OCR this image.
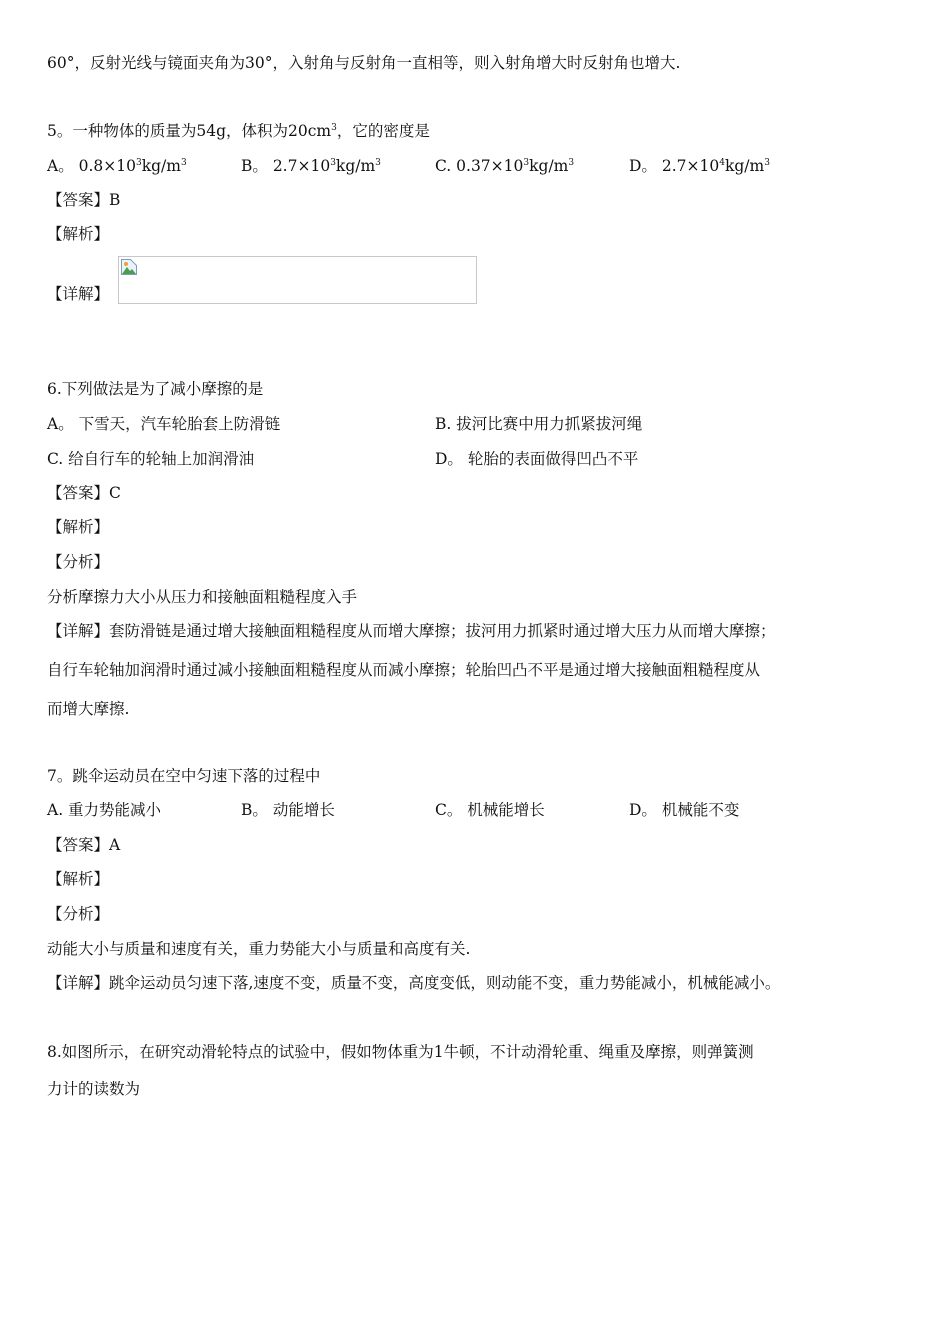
60°，反射光线与镜面夹角为30°，入射角与反射角一直相等，则入射角增大时反射角也增大.
5。一种物体的质量为54g，体积为$20cm^3$，它的密度是
A。 $0.8\times 10^3kg/m^3$	B。 $2.7\times 10^3kg/m^3$	C. $0.37\times 10^3kg/m^3$	D。 $2.7\times 10^4kg/m^3$
【答案】B
【解析】
【详解】
6.下列做法是为了减小摩擦的是
A。 下雪天，汽车轮胎套上防滑链	B. 拔河比赛中用力抓紧拔河绳
C. 给自行车的轮轴上加润滑油	D。 轮胎的表面做得凹凸不平
【答案】C
【解析】
【分析】
分析摩擦力大小从压力和接触面粗糙程度入手
【详解】套防滑链是通过增大接触面粗糙程度从而增大摩擦；拔河用力抓紧时通过增大压力从而增大摩擦；
自行车轮轴加润滑时通过减小接触面粗糙程度从而减小摩擦；轮胎凹凸不平是通过增大接触面粗糙程度从
而增大摩擦.
7。跳伞运动员在空中匀速下落的过程中
A. 重力势能减小	B。 动能增长	C。 机械能增长	D。 机械能不变
【答案】A
【解析】
【分析】
动能大小与质量和速度有关，重力势能大小与质量和高度有关.
【详解】跳伞运动员匀速下落,速度不变，质量不变，高度变低，则动能不变，重力势能减小，机械能减小。
8.如图所示，在研究动滑轮特点的试验中，假如物体重为1牛顿，不计动滑轮重、绳重及摩擦，则弹簧测
力计的读数为
